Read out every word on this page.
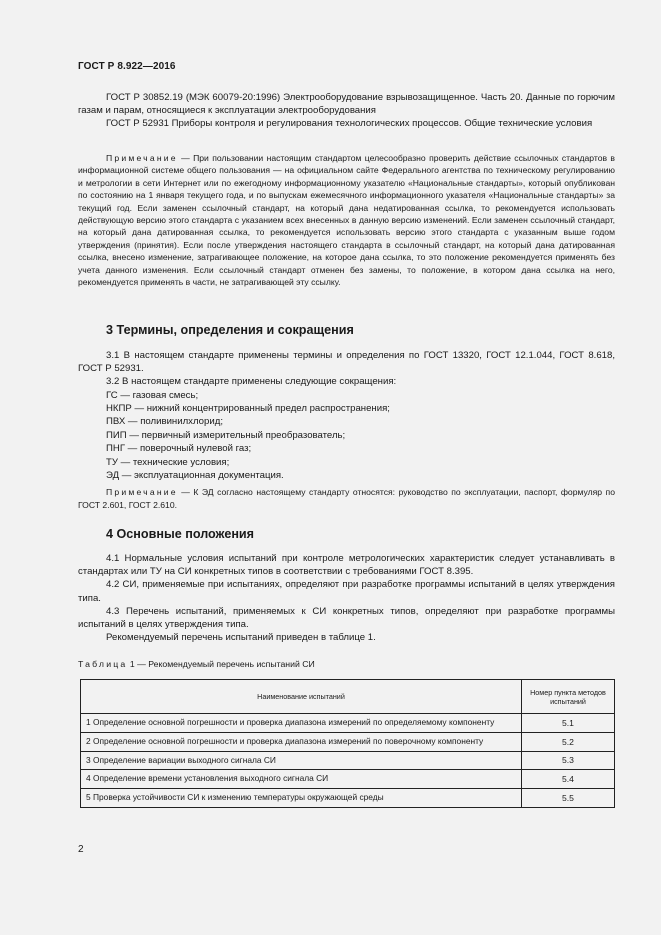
ГОСТ Р 8.922—2016

ГОСТ Р 30852.19 (МЭК 60079-20:1996) Электрооборудование взрывозащищенное. Часть 20. Данные по горючим газам и парам, относящиеся к эксплуатации электрооборудования

ГОСТ Р 52931 Приборы контроля и регулирования технологических процессов. Общие технические условия

Примечание — При пользовании настоящим стандартом целесообразно проверить действие ссылочных стандартов в информационной системе общего пользования — на официальном сайте Федерального агентства по техническому регулированию и метрологии в сети Интернет или по ежегодному информационному указателю «Национальные стандарты», который опубликован по состоянию на 1 января текущего года, и по выпускам ежемесячного информационного указателя «Национальные стандарты» за текущий год. Если заменен ссылочный стандарт, на который дана недатированная ссылка, то рекомендуется использовать действующую версию этого стандарта с указанием всех внесенных в данную версию изменений. Если заменен ссылочный стандарт, на который дана датированная ссылка, то рекомендуется использовать версию этого стандарта с указанным выше годом утверждения (принятия). Если после утверждения настоящего стандарта в ссылочный стандарт, на который дана датированная ссылка, внесено изменение, затрагивающее положение, на которое дана ссылка, то это положение рекомендуется применять без учета данного изменения. Если ссылочный стандарт отменен без замены, то положение, в котором дана ссылка на него, рекомендуется применять в части, не затрагивающей эту ссылку.

3 Термины, определения и сокращения

3.1 В настоящем стандарте применены термины и определения по ГОСТ 13320, ГОСТ 12.1.044, ГОСТ 8.618, ГОСТ Р 52931.

3.2 В настоящем стандарте применены следующие сокращения:

ГС — газовая смесь;

НКПР — нижний концентрированный предел распространения;

ПВХ — поливинилхлорид;

ПИП — первичный измерительный преобразователь;

ПНГ — поверочный нулевой газ;

ТУ — технические условия;

ЭД — эксплуатационная документация.

Примечание — К ЭД согласно настоящему стандарту относятся: руководство по эксплуатации, паспорт, формуляр по ГОСТ 2.601, ГОСТ 2.610.

4 Основные положения

4.1 Нормальные условия испытаний при контроле метрологических характеристик следует устанавливать в стандартах или ТУ на СИ конкретных типов в соответствии с требованиями ГОСТ 8.395.

4.2 СИ, применяемые при испытаниях, определяют при разработке программы испытаний в целях утверждения типа.

4.3 Перечень испытаний, применяемых к СИ конкретных типов, определяют при разработке программы испытаний в целях утверждения типа.

Рекомендуемый перечень испытаний приведен в таблице 1.

Таблица 1 — Рекомендуемый перечень испытаний СИ
Наименование испытаний	Номер пункта методов испытаний
1 Определение основной погрешности и проверка диапазона измерений по определяемому компоненту	5.1
2 Определение основной погрешности и проверка диапазона измерений по поверочному компоненту	5.2
3 Определение вариации выходного сигнала СИ	5.3
4 Определение времени установления выходного сигнала СИ	5.4
5 Проверка устойчивости СИ к изменению температуры окружающей среды	5.5
2
